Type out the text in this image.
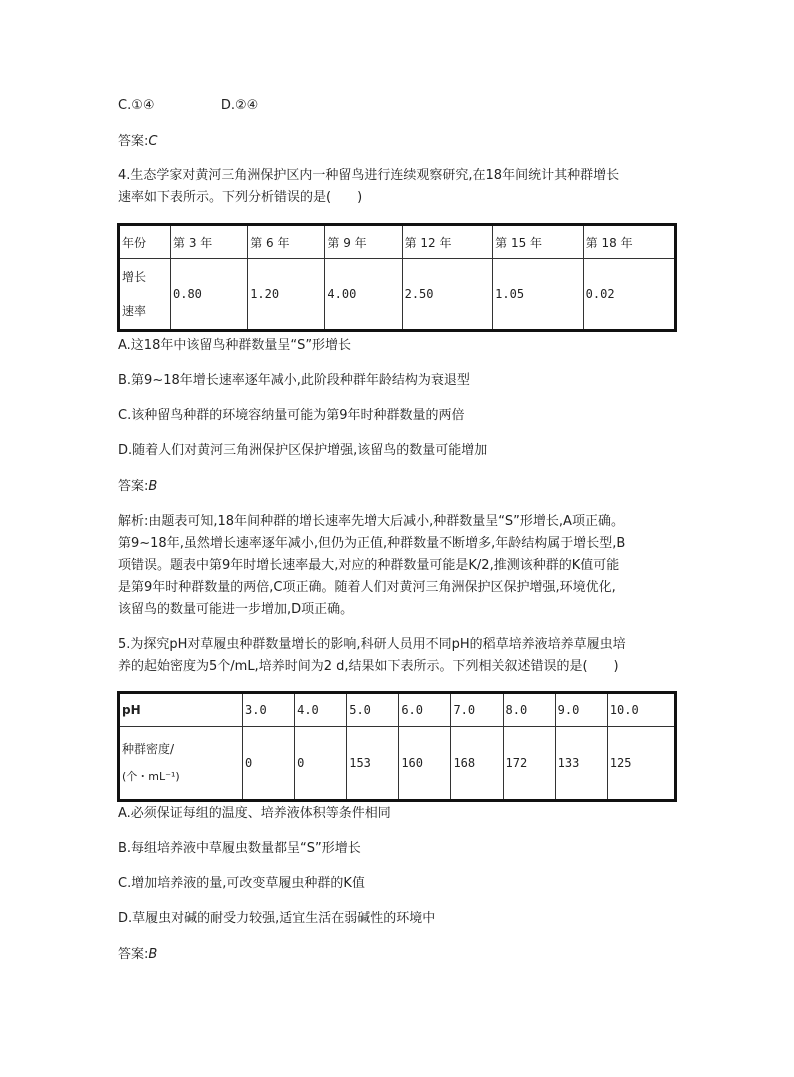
C.①④	D.②④
答案:C
4.生态学家对黄河三角洲保护区内一种留鸟进行连续观察研究,在18年间统计其种群增长
速率如下表所示。下列分析错误的是(　　)
年份	第 3 年	第 6 年	第 9 年	第 12 年	第 15 年	第 18 年

增长
速率	0.80	1.20	4.00	2.50	1.05	0.02
A.这18年中该留鸟种群数量呈“S”形增长
B.第9~18年增长速率逐年减小,此阶段种群年龄结构为衰退型
C.该种留鸟种群的环境容纳量可能为第9年时种群数量的两倍
D.随着人们对黄河三角洲保护区保护增强,该留鸟的数量可能增加
答案:B
解析:由题表可知,18年间种群的增长速率先增大后减小,种群数量呈“S”形增长,A项正确。
第9~18年,虽然增长速率逐年减小,但仍为正值,种群数量不断增多,年龄结构属于增长型,B
项错误。题表中第9年时增长速率最大,对应的种群数量可能是K/2,推测该种群的K值可能
是第9年时种群数量的两倍,C项正确。随着人们对黄河三角洲保护区保护增强,环境优化,
该留鸟的数量可能进一步增加,D项正确。
5.为探究pH对草履虫种群数量增长的影响,科研人员用不同pH的稻草培养液培养草履虫培
养的起始密度为5个/mL,培养时间为2 d,结果如下表所示。下列相关叙述错误的是(　　)
pH	3.0	4.0	5.0	6.0	7.0	8.0	9.0	10.0

种群密度/
(个・mL⁻¹)	0	0	153	160	168	172	133	125
A.必须保证每组的温度、培养液体积等条件相同
B.每组培养液中草履虫数量都呈“S”形增长
C.增加培养液的量,可改变草履虫种群的K值
D.草履虫对碱的耐受力较强,适宜生活在弱碱性的环境中
答案:B
